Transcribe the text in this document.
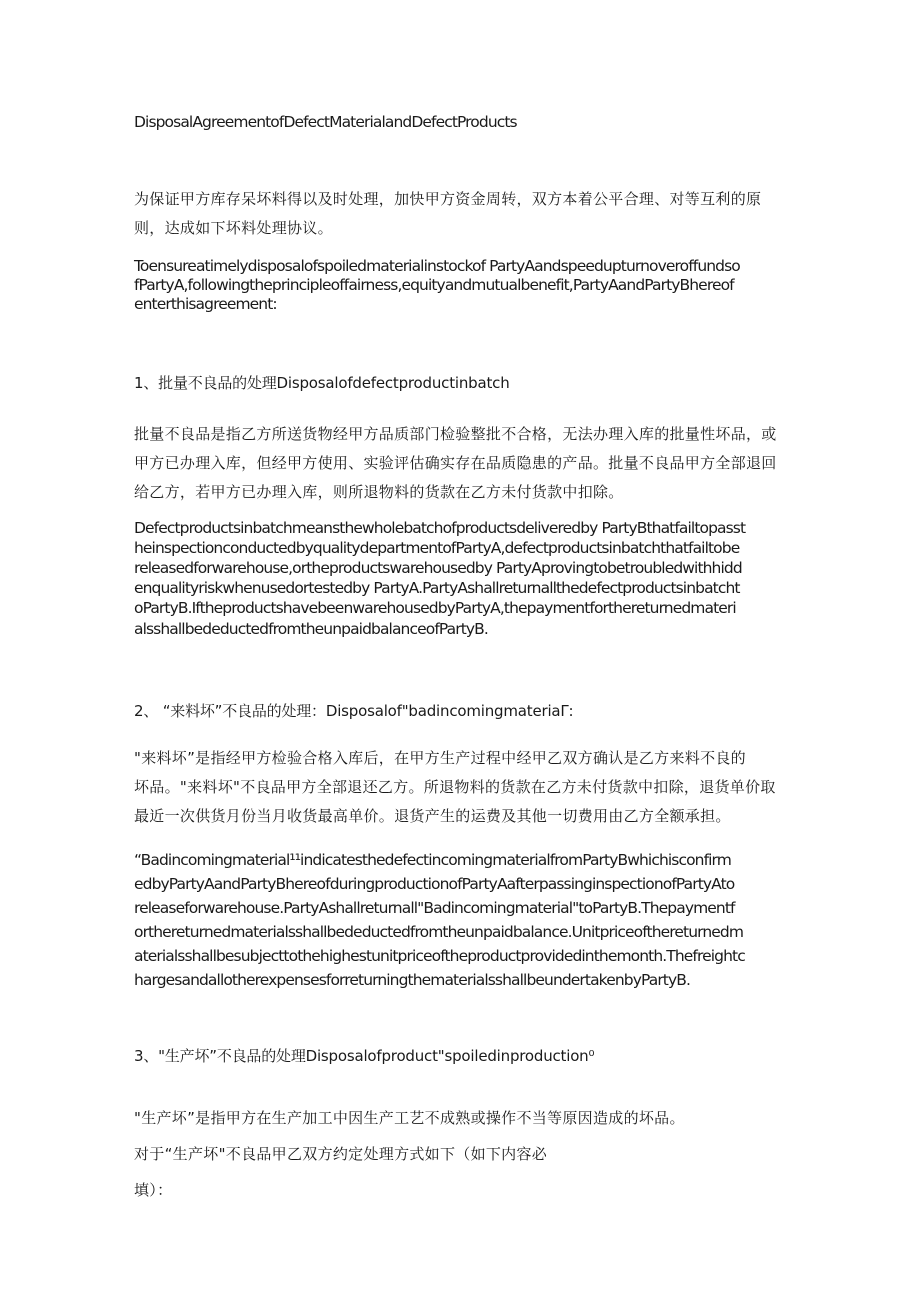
DisposalAgreementofDefectMaterialandDefectProducts
为保证甲方库存呆坏料得以及时处理，加快甲方资金周转，双方本着公平合理、对等互利的原
则，达成如下坏料处理协议。
Toensureatimelydisposalofspoiledmaterialinstockof PartyAandspeedupturnoveroffundso
fPartyA,followingtheprincipleoffairness,equityandmutualbenefit,PartyAandPartyBhereof
enterthisagreement:
1、批量不良品的处理Disposalofdefectproductinbatch
批量不良品是指乙方所送货物经甲方品质部门检验整批不合格，无法办理入库的批量性坏品，或
甲方已办理入库，但经甲方使用、实验评估确实存在品质隐患的产品。批量不良品甲方全部退回
给乙方，若甲方已办理入库，则所退物料的货款在乙方未付货款中扣除。
Defectproductsinbatchmeansthewholebatchofproductsdeliveredby PartyBthatfailtopasst
heinspectionconductedbyqualitydepartmentofPartyA,defectproductsinbatchthatfailtobe
releasedforwarehouse,ortheproductswarehousedby PartyAprovingtobetroubledwithhidd
enqualityriskwhenusedortestedby PartyA.PartyAshallreturnallthedefectproductsinbatcht
oPartyB.IftheproductshavebeenwarehousedbyPartyA,thepaymentforthereturnedmateri
alsshallbedeductedfromtheunpaidbalanceofPartyB.
2、 “来料坏”不良品的处理：Disposalof"badincomingmateriaΓ:
"来料坏”是指经甲方检验合格入库后，在甲方生产过程中经甲乙双方确认是乙方来料不良的
坏品。"来料坏"不良品甲方全部退还乙方。所退物料的货款在乙方未付货款中扣除，退货单价取
最近一次供货月份当月收货最高单价。退货产生的运费及其他一切费用由乙方全额承担。
“Badincomingmaterial¹¹indicatesthedefectincomingmaterialfromPartyBwhichisconfirm
edbyPartyAandPartyBhereofduringproductionofPartyAafterpassinginspectionofPartyAto
releaseforwarehouse.PartyAshallreturnall"Badincomingmaterial"toPartyB.Thepaymentf
orthereturnedmaterialsshallbedeductedfromtheunpaidbalance.Unitpriceofthereturnedm
aterialsshallbesubjecttothehighestunitpriceoftheproductprovidedinthemonth.Thefreightc
hargesandallotherexpensesforreturningthematerialsshallbeundertakenbyPartyB.
3、"生产坏”不良品的处理Disposalofproduct"spoiledinproduction⁰
"生产坏”是指甲方在生产加工中因生产工艺不成熟或操作不当等原因造成的坏品。
对于“生产坏"不良品甲乙双方约定处理方式如下（如下内容必
填）：
